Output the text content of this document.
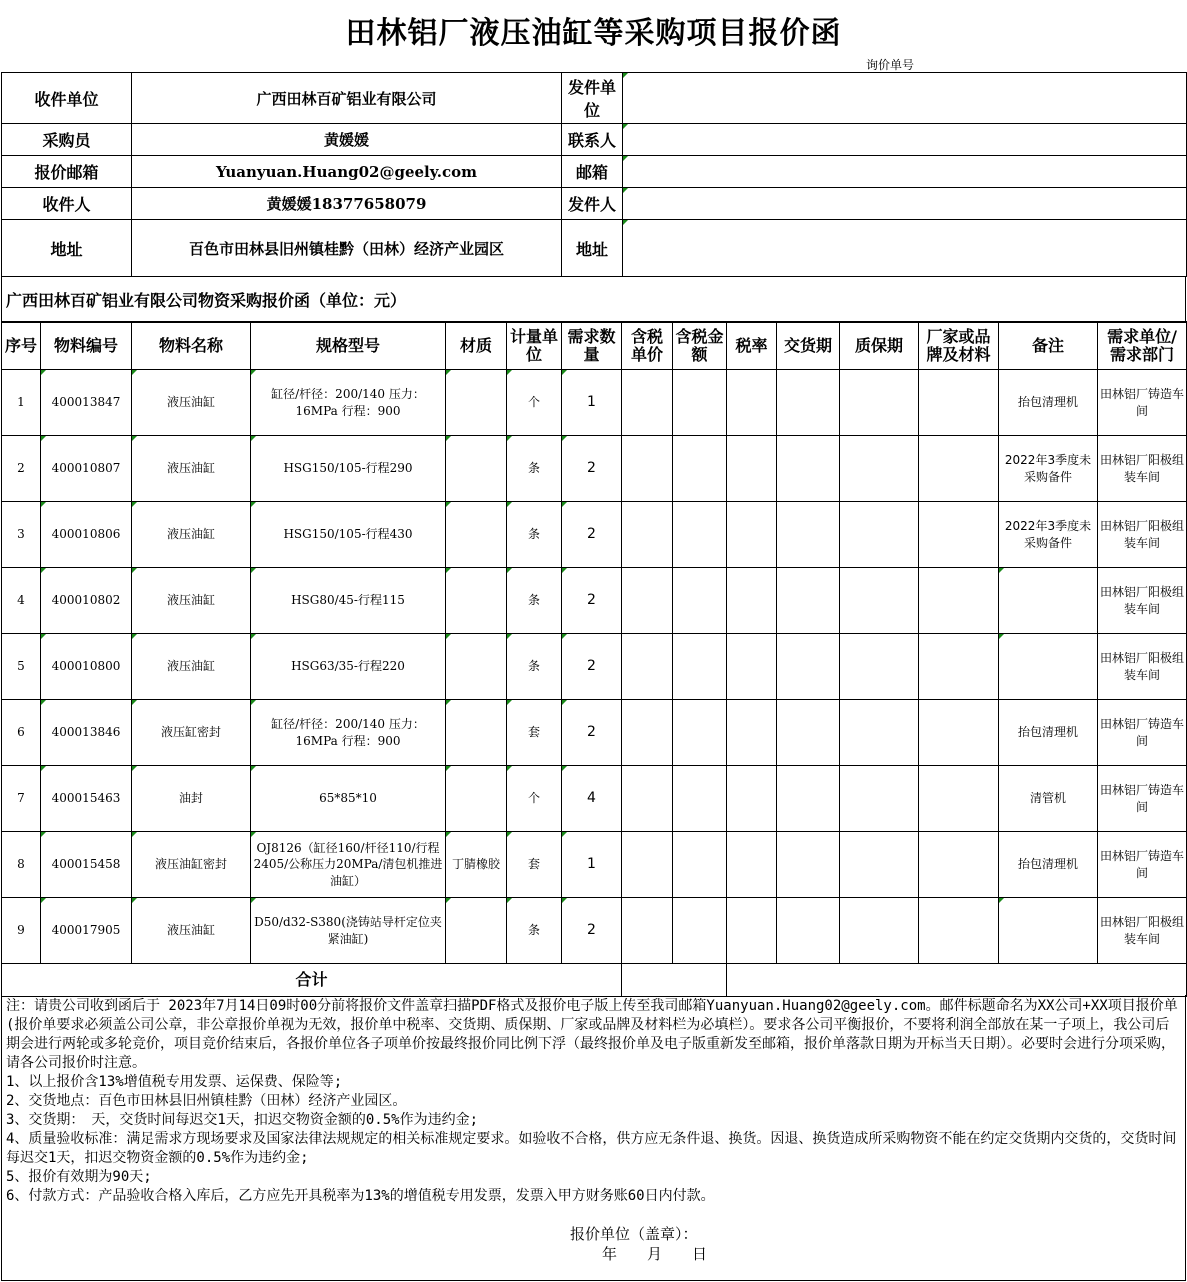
田林铝厂液压油缸等采购项目报价函
询价单号
收件单位	广西田林百矿铝业有限公司	发件单位	
采购员	黄媛媛	联系人	
报价邮箱	Yuanyuan.Huang02@geely.com	邮箱	
收件人	黄媛媛18377658079	发件人	
地址	百色市田林县旧州镇桂黔（田林）经济产业园区	地址	
广西田林百矿铝业有限公司物资采购报价函（单位：元）
序号	物料编号	物料名称	规格型号	材质	计量单位	需求数量	含税单价	含税金额	税率	交货期	质保期	厂家或品牌及材料	备注	需求单位/需求部门
1	400013847	液压油缸	缸径/杆径：200/140 压力：16MPa 行程：900		个	1							抬包清理机	田林铝厂铸造车间
2	400010807	液压油缸	HSG150/105-行程290		条	2							2022年3季度未采购备件	田林铝厂阳极组装车间
3	400010806	液压油缸	HSG150/105-行程430		条	2							2022年3季度未采购备件	田林铝厂阳极组装车间
4	400010802	液压油缸	HSG80/45-行程115		条	2								田林铝厂阳极组装车间
5	400010800	液压油缸	HSG63/35-行程220		条	2								田林铝厂阳极组装车间
6	400013846	液压缸密封	缸径/杆径：200/140 压力：16MPa 行程：900		套	2							抬包清理机	田林铝厂铸造车间
7	400015463	油封	65*85*10		个	4							清管机	田林铝厂铸造车间
8	400015458	液压油缸密封	OJ8126（缸径160/杆径110/行程2405/公称压力20MPa/清包机推进油缸）	丁腈橡胶	套	1							抬包清理机	田林铝厂铸造车间
9	400017905	液压油缸	D50/d32-S380(浇铸站导杆定位夹紧油缸)		条	2								田林铝厂阳极组装车间
合计														

注：请贵公司收到函后于 2023年7月14日09时00分前将报价文件盖章扫描PDF格式及报价电子版上传至我司邮箱Yuanyuan.Huang02@geely.com。邮件标题命名为XX公司+XX项目报价单(报价单要求必须盖公司公章，非公章报价单视为无效，报价单中税率、交货期、质保期、厂家或品牌及材料栏为必填栏）。要求各公司平衡报价，不要将利润全部放在某一子项上，我公司后期会进行两轮或多轮竞价，项目竞价结束后，各报价单位各子项单价按最终报价同比例下浮（最终报价单及电子版重新发至邮箱，报价单落款日期为开标当天日期）。必要时会进行分项采购，请各公司报价时注意。

1、以上报价含13%增值税专用发票、运保费、保险等;

2、交货地点：百色市田林县旧州镇桂黔（田林）经济产业园区。

3、交货期：　天，交货时间每迟交1天，扣迟交物资金额的0.5%作为违约金;

4、质量验收标准：满足需求方现场要求及国家法律法规规定的相关标准规定要求。如验收不合格，供方应无条件退、换货。因退、换货造成所采购物资不能在约定交货期内交货的，交货时间每迟交1天，扣迟交物资金额的0.5%作为违约金;

5、报价有效期为90天;

6、付款方式：产品验收合格入库后，乙方应先开具税率为13%的增值税专用发票，发票入甲方财务账60日内付款。

报价单位（盖章）：
年　　月　　日
